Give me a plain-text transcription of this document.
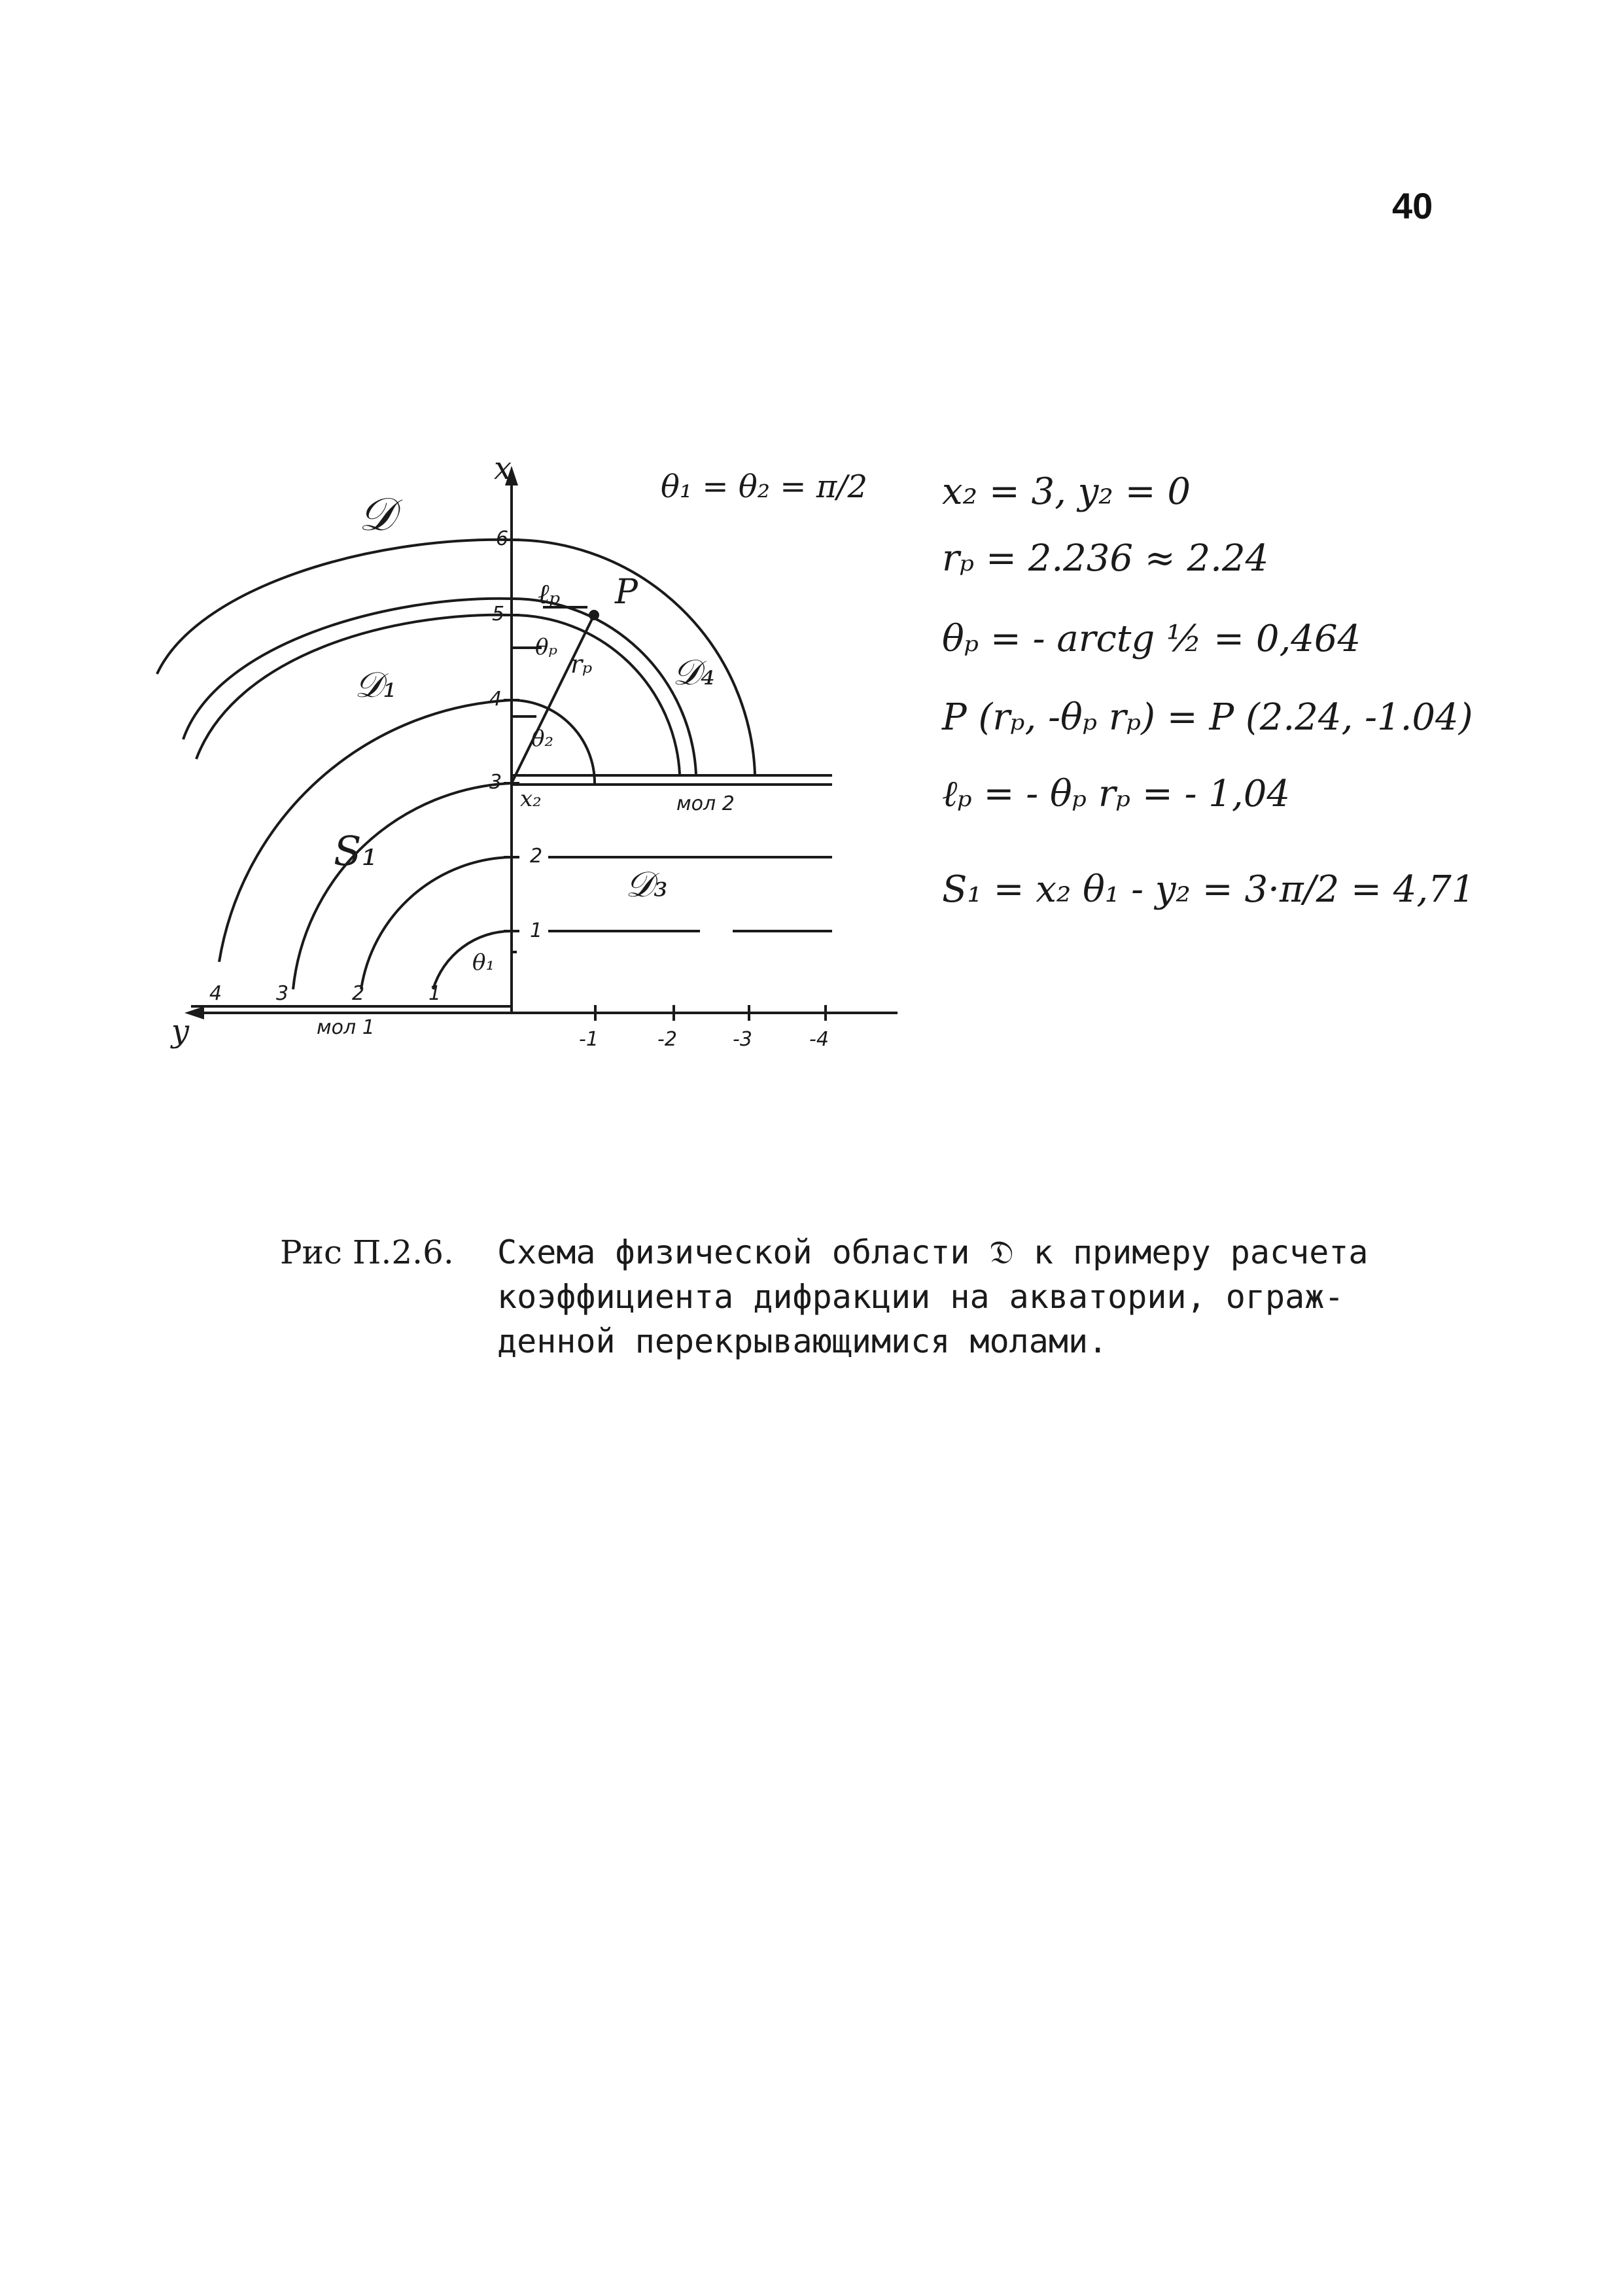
40
1
2
3
4
5
6
-1	-2	-3	-4
1
2
3
4
𝒟
𝒟₁	𝒟₄
𝒟₃
S₁
x
y	мол 1
мол 2
x₂
θ₁ = θ₂ = π/2
θ₁
θ₂
θₚ
rₚ
ℓₚ P
x₂ = 3, y₂ = 0
rₚ = 2.236 ≈ 2.24
θₚ = - arctg ½ = 0,464
P (rₚ, -θₚ rₚ) = P (2.24, -1.04)
ℓₚ = - θₚ rₚ = - 1,04
S₁ = x₂ θ₁ - y₂ = 3·π/2 = 4,71
Рис П.2.6. Схема физической области 𝔇 к примеру расчета
коэффициента дифракции на акватории, ограж-
денной перекрывающимися молами.
